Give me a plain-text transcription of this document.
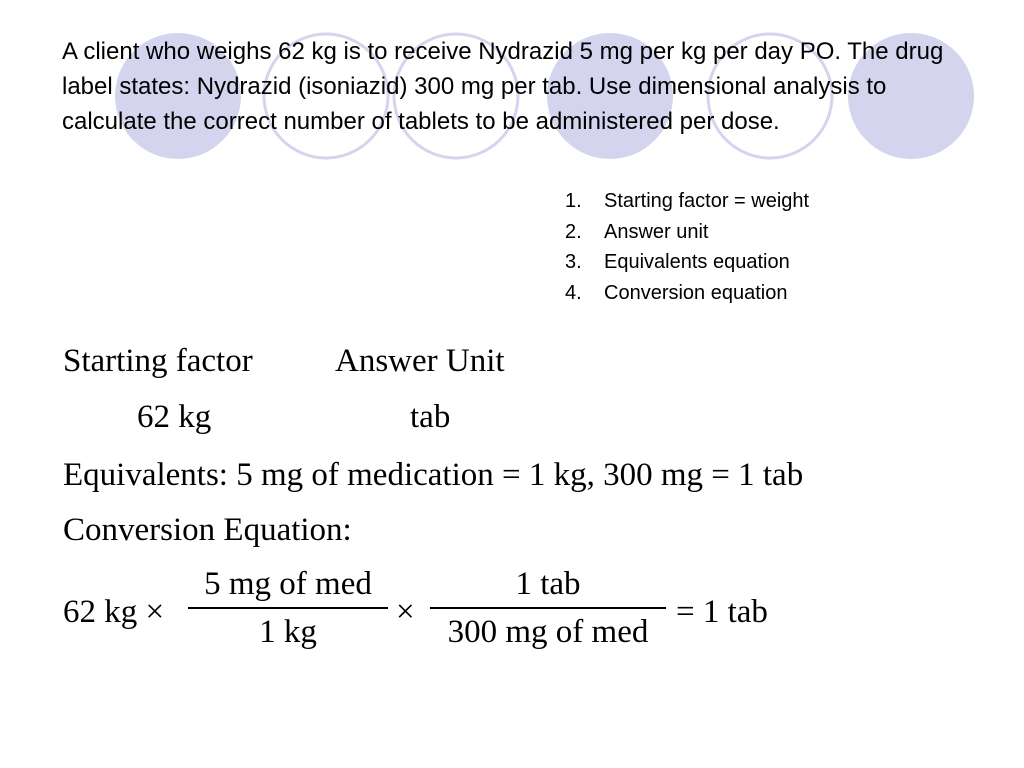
A client who weighs 62 kg is to receive Nydrazid 5 mg per kg per day PO. The drug label states: Nydrazid (isoniazid) 300 mg per tab. Use dimensional analysis to calculate the correct number of tablets to be administered per dose.

1.	Starting factor = weight
2.	Answer unit
3.	Equivalents equation
4.	Conversion equation
Starting factor Answer Unit
62 kg	tab
Equivalents: 5 mg of medication = 1 kg, 300 mg = 1 tab
Conversion Equation:
62 kg ×
5 mg of med
1 kg
×
1 tab
300 mg of med
= 1 tab
